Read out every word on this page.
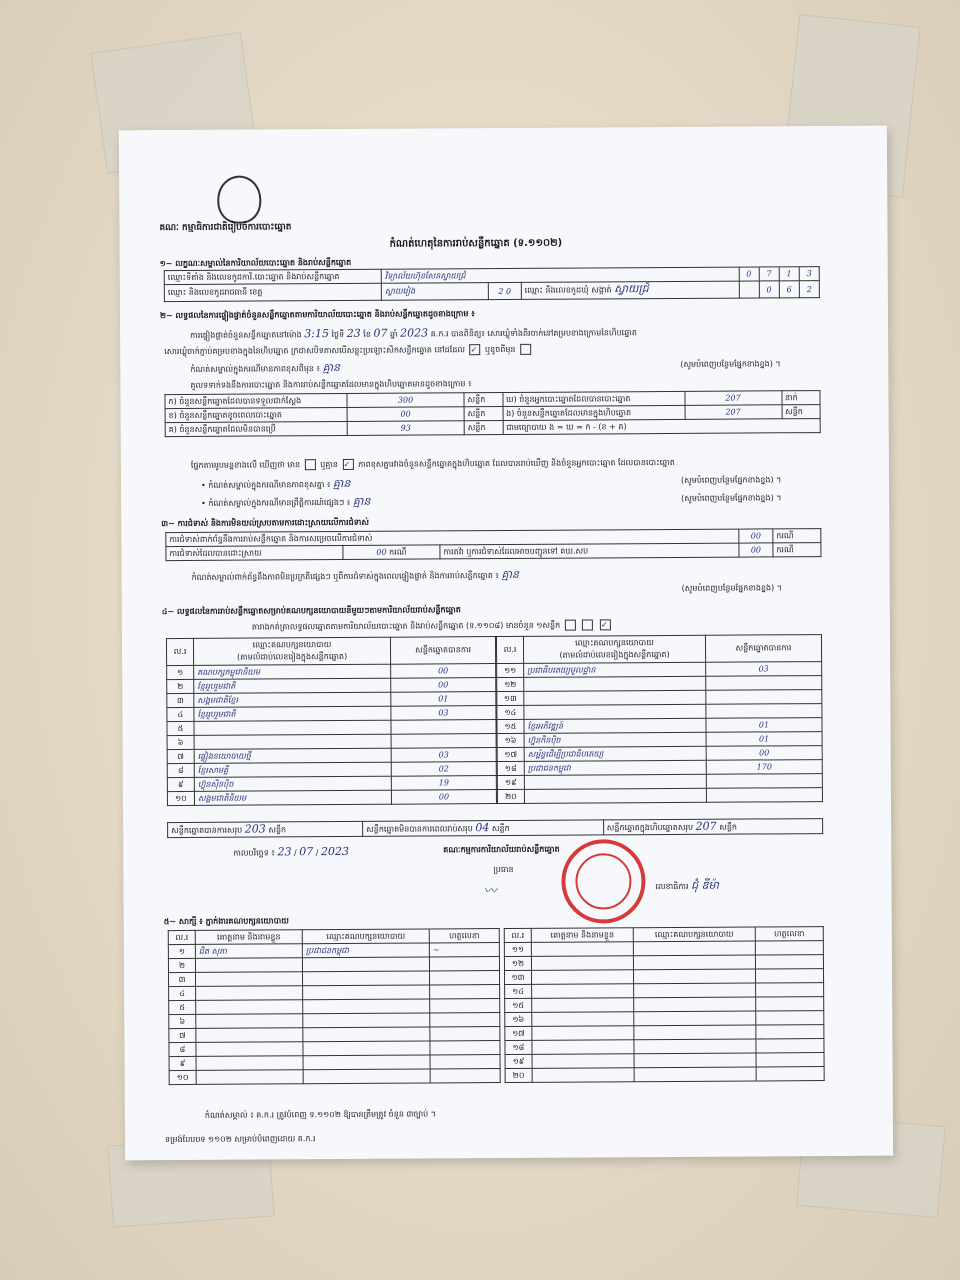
គណៈ កម្មាធិការជាតិរៀបចំការបោះឆ្នោត
កំណត់ហេតុនៃការរាប់សន្លឹកឆ្នោត (ទ.១១០២)
១~ លក្ខណៈសម្គាល់នៃការិយាល័យបោះឆ្នោត និងរាប់សន្លឹកឆ្នោត
ឈ្មោះទីតាំង និងលេខកូដការិ.បោះឆ្នោត និងរាប់សន្លឹកឆ្នោត	វិទ្យាល័យហ៊ុនសែនស្វាយជ្រំ			0	7	1	3
ឈ្មោះ និងលេខកូដរាជធានី ខេត្ត	ស្វាយរៀង	2 0	ឈ្មោះ និងលេខកូដឃុំ សង្កាត់ ស្វាយជ្រំ		0	6	2
២~ លទ្ធផលនៃការផ្ទៀងផ្ទាត់ចំនួនសន្លឹកឆ្នោតតាមការិយាល័យបោះឆ្នោត និងរាប់សន្លឹកឆ្នោតដូចខាងក្រោម ៖
ការផ្ទៀងផ្ទាត់ចំនួនសន្លឹកឆ្នោតនៅម៉ោង 3:15 ថ្ងៃទី 23 ខែ 07 ឆ្នាំ 2023 គ.ក.រ បានពិនិត្យ៖ សោរឃ្លុំទាំងពីរចាក់នៅគម្របខាងក្រោមនៃហិបឆ្នោត
សោរឃ្លុំចាក់ភ្ជាប់គម្របខាងក្នុងនៃហិបឆ្នោត ក្រដាសបិទភាសបើសន្លុះប្រឡោះសិកសន្លឹកឆ្នោត នៅដដែល ✓ ឬខូចពីមុន
កំណត់សម្គាល់ក្នុងករណីមានភាពខុសពីមុន ៖ គ្មាន	(សូមបំពេញបន្ថែមផ្នែកខាងខ្នង) ។
គួលទទាក់ទងនឹងការបោះឆ្នោត និងការរាប់សន្លឹកឆ្នោតដែលមានក្នុងហិបឆ្នោតមានដូចខាងក្រោម ៖
ក) ចំនួនសន្លឹកឆ្នោតដែលបានទទួលជាក់ស្តែង	300	សន្លឹក	ឃ) ចំនួនអ្នកបោះឆ្នោតដែលបានបោះឆ្នោត	207	នាក់
ខ) ចំនួនសន្លឹកឆ្នោតខូចពេលបោះឆ្នោត	00	សន្លឹក	ង) ចំនួនសន្លឹកឆ្នោតដែលមានក្នុងហិបឆ្នោត	207	សន្លឹក
គ) ចំនួនសន្លឹកឆ្នោតដែលមិនបានប្រើ	93	សន្លឹក	ជាមធ្យោបាយ ង = ឃ = ក - (ខ + គ)		
ផ្នែកតាមរូបមន្តខាងលើ ឃើញថា មាន	ឬគ្មាន ✓ ភាពខុសគ្នារវាងចំនួនសន្លឹកឆ្នោតក្នុងហិបឆ្នោត ដែលបានរាប់ឃើញ និងចំនួនអ្នកបោះឆ្នោត ដែលបានបោះឆ្នោត
• កំណត់សម្គាល់ក្នុងករណីមានភាពខុសគ្នា ៖ គ្មាន	(សូមបំពេញបន្ថែមផ្នែកខាងខ្នង) ។
• កំណត់សម្គាល់ក្នុងករណីមានព្រឹត្តិការណ៍ផ្សេងៗ ៖ គ្មាន	(សូមបំពេញបន្ថែមផ្នែកខាងខ្នង) ។
៣~ ការជំទាស់ និងការមិនយល់ស្របតាមការដោះស្រាយលើការជំទាស់
ការជំទាស់ពាក់ព័ន្ធនឹងការរាប់សន្លឹកឆ្នោត និងការសម្រេចលើការជំទាស់			00	ករណី
ការជំទាស់ដែលបានដោះស្រាយ	00 ករណី	ការតវ៉ា ឬការជំទាស់ដែលអាចបញ្ជូនទៅ គឃ.សប	00	ករណី
កំណត់សម្គាល់ពាក់ព័ន្ធនឹងភាពមិនប្រក្រតីផ្សេងៗ ឬពីការជំទាស់ក្នុងពេលផ្ទៀងផ្ទាត់ និងការរាប់សន្លឹកឆ្នោត ៖ គ្មាន
(សូមបំពេញបន្ថែមផ្នែកខាងខ្នង) ។
៤~ លទ្ធផលនៃការរាប់សន្លឹកឆ្នោតសម្រាប់គណបក្សនយោបាយនីមួយៗតាមការិយាល័យរាប់សន្លឹកឆ្នោត
តារាងកត់ត្រាលទ្ធផលឆ្នោតតាមការិយាល័យបោះឆ្នោត និងរាប់សន្លឹកឆ្នោត (ទ.១១០៨) មានចំនួន ១សន្លឹក	✓
ល.រ	ឈ្មោះគណបក្សនយោបាយ
(តាមលំដាប់លេខរៀងក្នុងសន្លឹកឆ្នោត)	សន្លឹកឆ្នោតបានការ
១	គណបក្សកម្ពុជានិយម	00
២	ខ្មែររួបរួមជាតិ	00
៣	សង្គមជាតិខ្មែរ	01
៤	ខ្មែររួបរួមជាតិ	03
៥		
៦		
៧	ផ្ទៀងនយោបាយថ្មី	03
៨	ខ្មែរសាមគ្គី	02
៩	ហ៊្វុនស៊ិនប៉ិច	19
១០	សង្គមជាតិនិយម	00
ល.រ	ឈ្មោះគណបក្សនយោបាយ
(តាមលំដាប់លេខរៀងក្នុងសន្លឹកឆ្នោត)	សន្លឹកឆ្នោតបានការ
១១	ប្រជាធិបតេយ្យមូលដ្ឋាន	03
១២		
១៣		
១៤		
១៥	ខ្មែរអភិវឌ្ឍន៍	01
១៦	ហ្វ៊ុនកិនប៉ិច	01
១៧	សម្ព័ន្ធដើម្បីប្រជាធិបតេយ្យ	00
១៨	ប្រជាជនកម្ពុជា	170
១៩		
២០		
សន្លឹកឆ្នោតបានការសរុប 203 សន្លឹក	សន្លឹកឆ្នោតមិនបានការពេលរាប់សរុប 04 សន្លឹក	សន្លឹកឆ្នោតក្នុងហិបឆ្នោតសរុប 207 សន្លឹក
កាលបរិច្ឆេទ ៖ 23 / 07 / 2023	គណៈកម្មការការិយាល័យរាប់សន្លឹកឆ្នោត
ប្រធាន
〰	លេខាធិការ ជុំ ឌីម៉ា
៥~ សាក្សី ៖ ភ្នាក់ងារគណបក្សនយោបាយ
ល.រ	គោត្តនាម និងនាមខ្លួន	ឈ្មោះគណបក្សនយោបាយ	ហត្ថលេខា
១	ជិត សុភា	ប្រជាជនកម្ពុជា	~
២			
៣			
៤			
៥			
៦			
៧			
៨			
៩			
១០			
ល.រ	គោត្តនាម និងនាមខ្លួន	ឈ្មោះគណបក្សនយោបាយ	ហត្ថលេខា
១១			
១២			
១៣			
១៤			
១៥			
១៦			
១៧			
១៨			
១៩			
២០			
កំណត់សម្គាល់ ៖ គ.ក.រ ត្រូវបំពេញ ទ.១១០២ ឱ្យបានត្រឹមត្រូវ ចំនួន ៣ច្បាប់ ។
ទម្រង់បែបបទ ១១០២ សម្រាប់បំពេញដោយ គ.ក.រ
